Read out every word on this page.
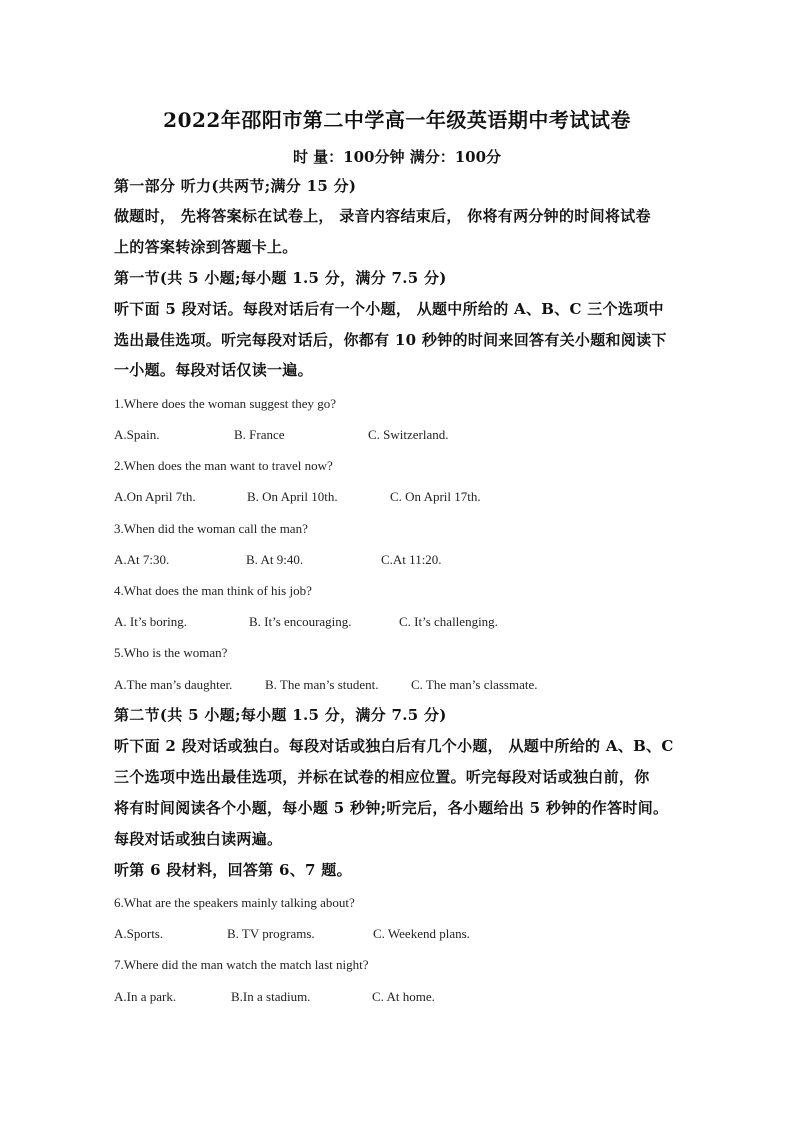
2022年邵阳市第二中学高一年级英语期中考试试卷
时 量：100分钟 满分：100分
第一部分 听力(共两节;满分 15 分)
做题时， 先将答案标在试卷上， 录音内容结束后， 你将有两分钟的时间将试卷
上的答案转涂到答题卡上。
第一节(共 5 小题;每小题 1.5 分，满分 7.5 分)
听下面 5 段对话。每段对话后有一个小题， 从题中所给的 A、B、C 三个选项中
选出最佳选项。听完每段对话后，你都有 10 秒钟的时间来回答有关小题和阅读下
一小题。每段对话仅读一遍。
1.Where does the woman suggest they go?
A.Spain.	B. France	C. Switzerland.
2.When does the man want to travel now?
A.On April 7th.	B. On April 10th.	C. On April 17th.
3.When did the woman call the man?
A.At 7:30.	B. At 9:40.	C.At 11:20.
4.What does the man think of his job?
A. It’s boring.	B. It’s encouraging.	C. It’s challenging.
5.Who is the woman?
A.The man’s daughter.	B. The man’s student. C. The man’s classmate.
第二节(共 5 小题;每小题 1.5 分，满分 7.5 分)
听下面 2 段对话或独白。每段对话或独白后有几个小题， 从题中所给的 A、B、C
三个选项中选出最佳选项，并标在试卷的相应位置。听完每段对话或独白前，你
将有时间阅读各个小题，每小题 5 秒钟;听完后，各小题给出 5 秒钟的作答时间。
每段对话或独白读两遍。
听第 6 段材料，回答第 6、7 题。
6.What are the speakers mainly talking about?
A.Sports.	B. TV programs.	C. Weekend plans.
7.Where did the man watch the match last night?
A.In a park.	B.In a stadium.	C. At home.
